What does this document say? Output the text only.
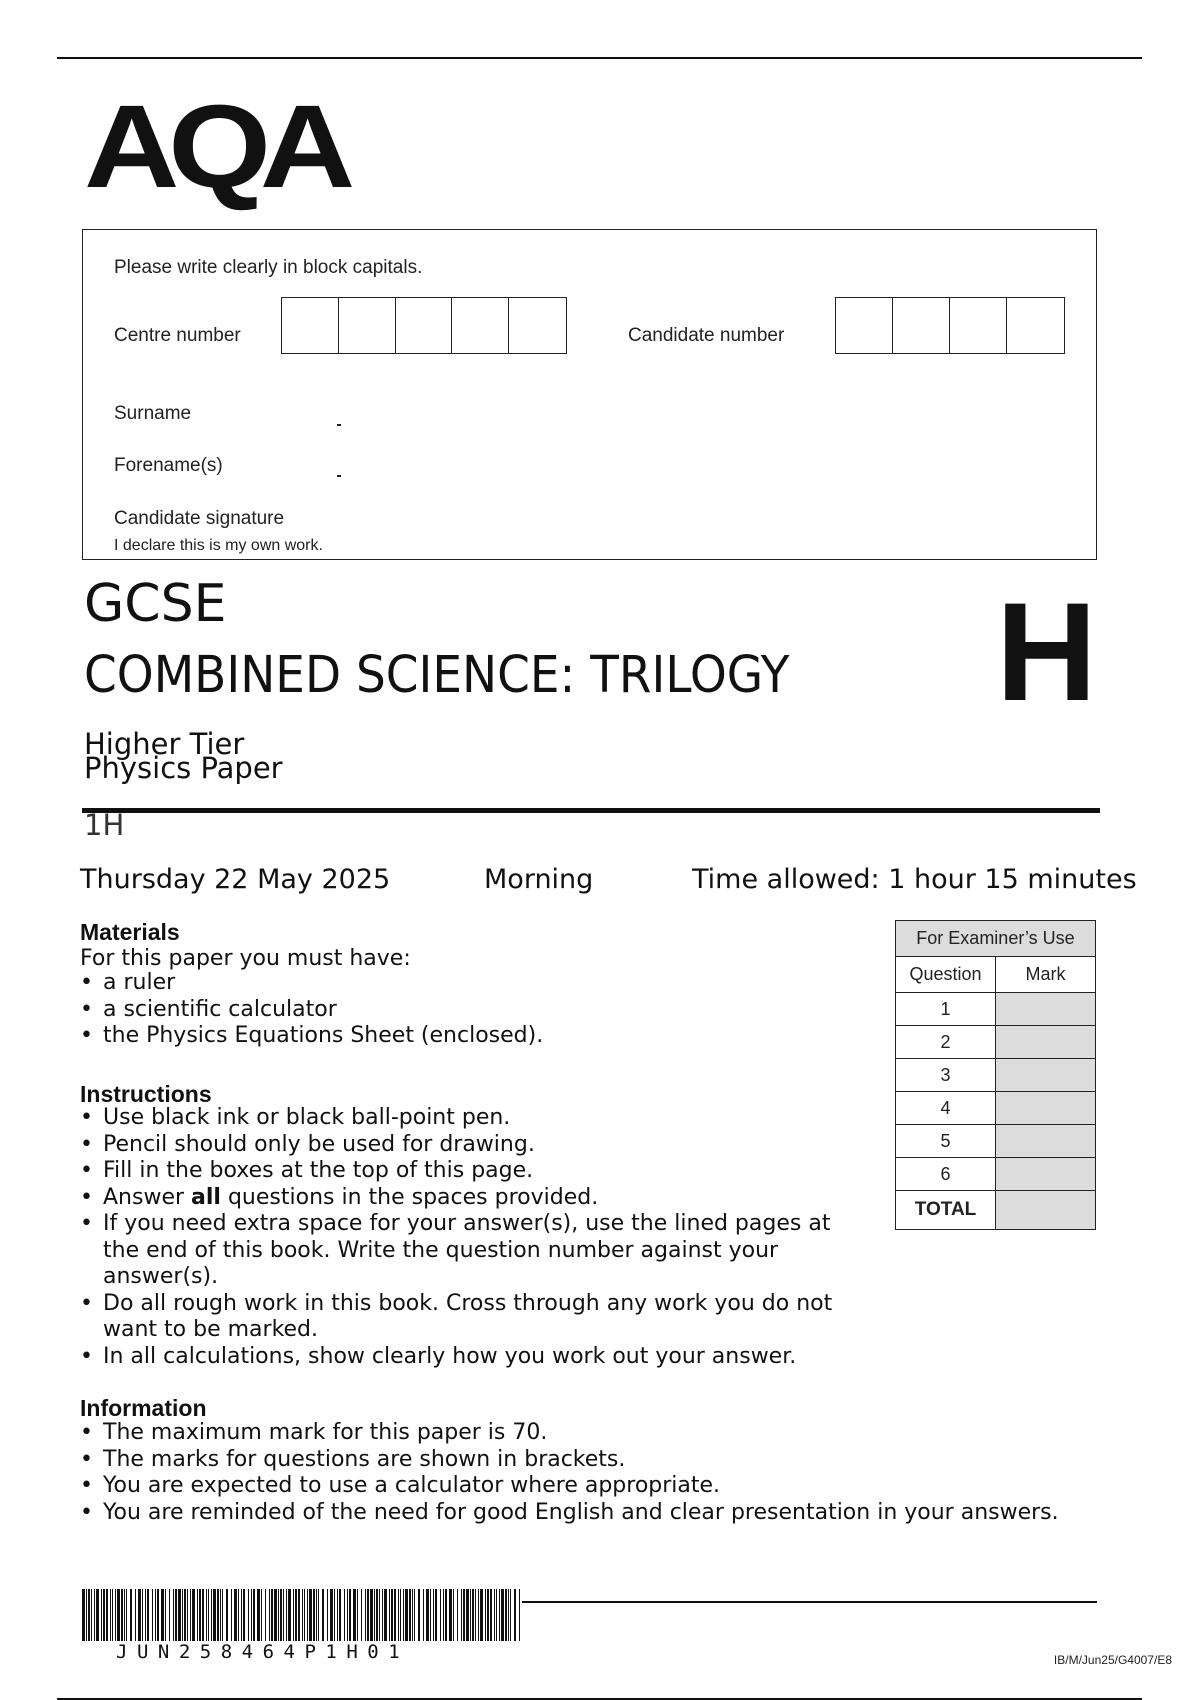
AQA
Please write clearly in block capitals.
Centre number	Candidate number
Surname
Forename(s)
Candidate signature
I declare this is my own work.
GCSE
COMBINED SCIENCE: TRILOGY H
Higher Tier
Physics Paper
1H
Thursday 22 May 2025	Morning	Time allowed: 1 hour 15 minutes
Materials
For this paper you must have:
• a ruler
• a scientific calculator
• the Physics Equations Sheet (enclosed).
Instructions
• Use black ink or black ball-point pen.
• Pencil should only be used for drawing.
• Fill in the boxes at the top of this page.
• Answer all questions in the spaces provided.
• If you need extra space for your answer(s), use the lined pages at the end of this book. Write the question number against your answer(s).
• Do all rough work in this book. Cross through any work you do not want to be marked.
• In all calculations, show clearly how you work out your answer.
Information
• The maximum mark for this paper is 70.
• The marks for questions are shown in brackets.
• You are expected to use a calculator where appropriate.
• You are reminded of the need for good English and clear presentation in your answers.
For Examiner’s Use	
Question	Mark
1	
2	
3	
4	
5	
6	
TOTAL	
JUN258464P1H01	IB/M/Jun25/G4007/E8
